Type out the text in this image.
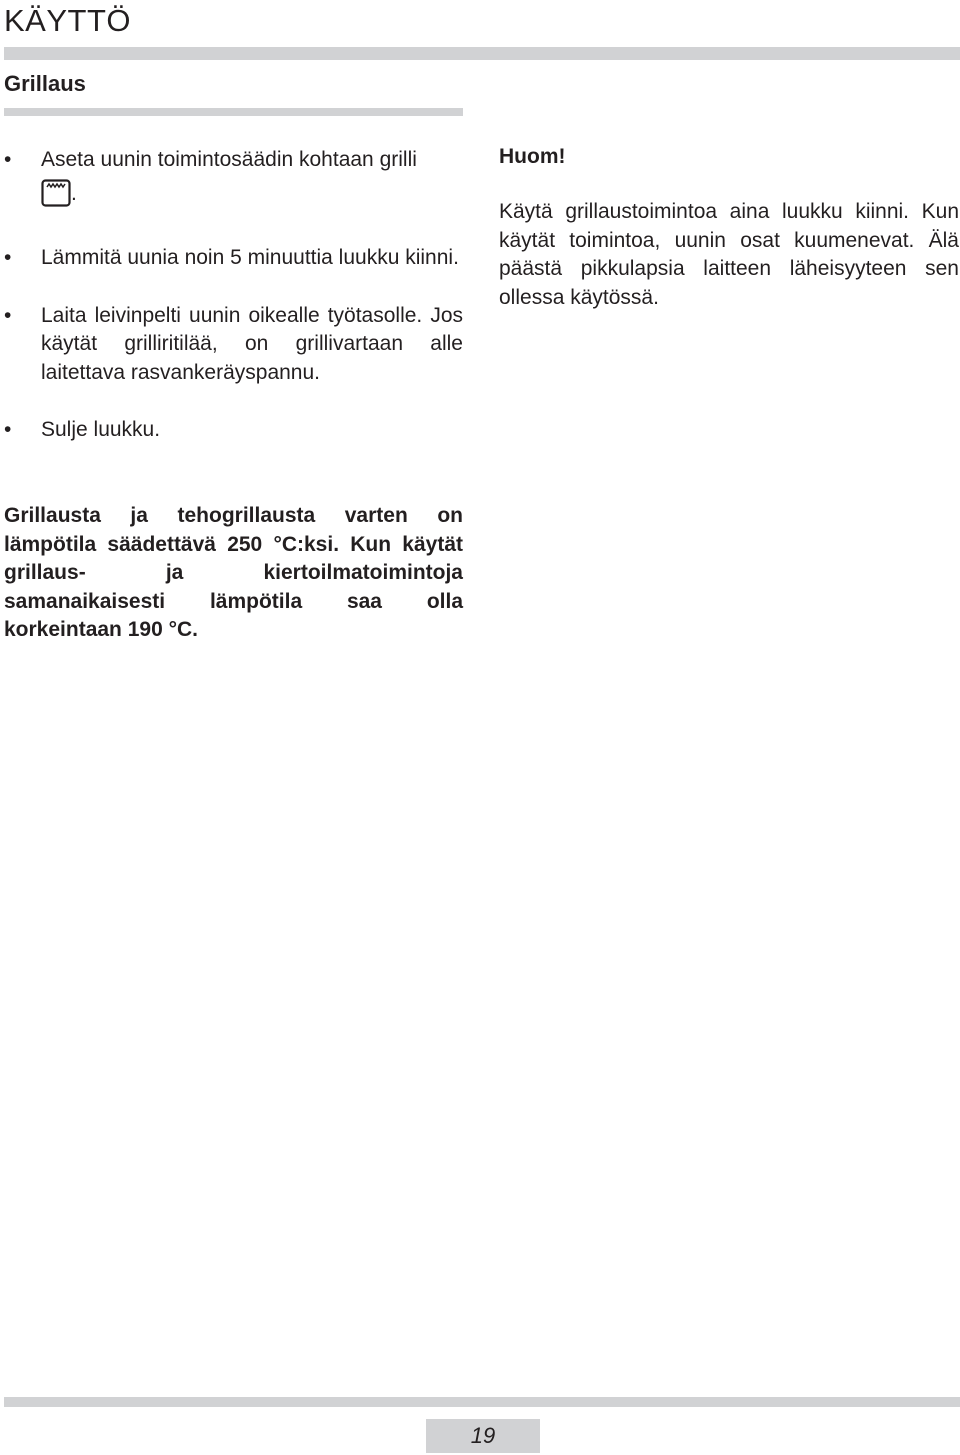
KÄYTTÖ
Grillaus
• Aseta uunin toimintosäädin kohtaan grilli
.
• Lämmitä uunia noin 5 minuuttia luukku kiinni.
• Laita leivinpelti uunin oikealle työtasolle. Jos käytät grilliritilää, on grillivartaan alle laitettava rasvankeräyspannu.
• Sulje luukku.

Grillausta ja tehogrillausta varten on lämpötila säädettävä 250 °C:ksi. Kun käytät grillaus- ja kiertoilmatoimintoja samanaikaisesti lämpötila saa olla korkeintaan 190 °C.

Huom!

Käytä grillaustoimintoa aina luukku kiinni. Kun käytät toimintoa, uunin osat kuumenevat. Älä päästä pikkulapsia laitteen läheisyyteen sen ollessa käytössä.

19
